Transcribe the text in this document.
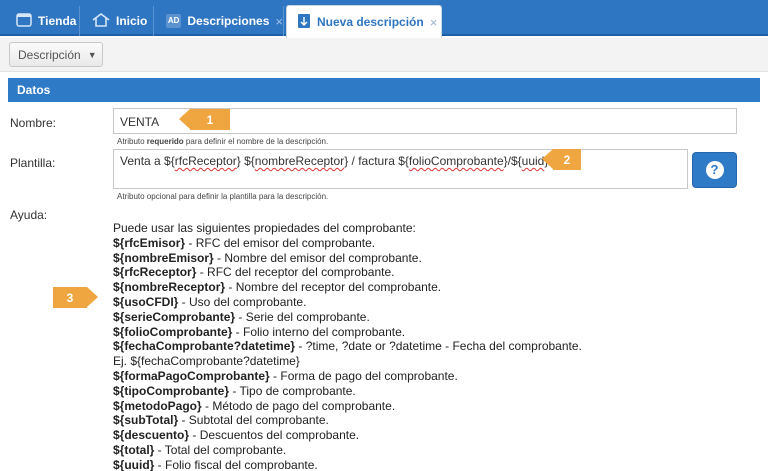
Tienda	Inicio	AD Descripciones ×	Nueva descripción ×
Descripción ▼
Datos
Nombre:	VENTA	1
Atributo requerido para definir el nombre de la descripción.
Plantilla:	Venta a ${rfcReceptor} ${nombreReceptor} / factura ${folioComprobante}/${uuid	2
?
Atributo opcional para definir la plantilla para la descripción.
Ayuda:
3
Puede usar las siguientes propiedades del comprobante:
${rfcEmisor} - RFC del emisor del comprobante.
${nombreEmisor} - Nombre del emisor del comprobante.
${rfcReceptor} - RFC del receptor del comprobante.
${nombreReceptor} - Nombre del receptor del comprobante.
${usoCFDI} - Uso del comprobante.
${serieComprobante} - Serie del comprobante.
${folioComprobante} - Folio interno del comprobante.
${fechaComprobante?datetime} - ?time, ?date or ?datetime - Fecha del comprobante.
Ej. ${fechaComprobante?datetime}
${formaPagoComprobante} - Forma de pago del comprobante.
${tipoComprobante} - Tipo de comprobante.
${metodoPago} - Método de pago del comprobante.
${subTotal} - Subtotal del comprobante.
${descuento} - Descuentos del comprobante.
${total} - Total del comprobante.
${uuid} - Folio fiscal del comprobante.
